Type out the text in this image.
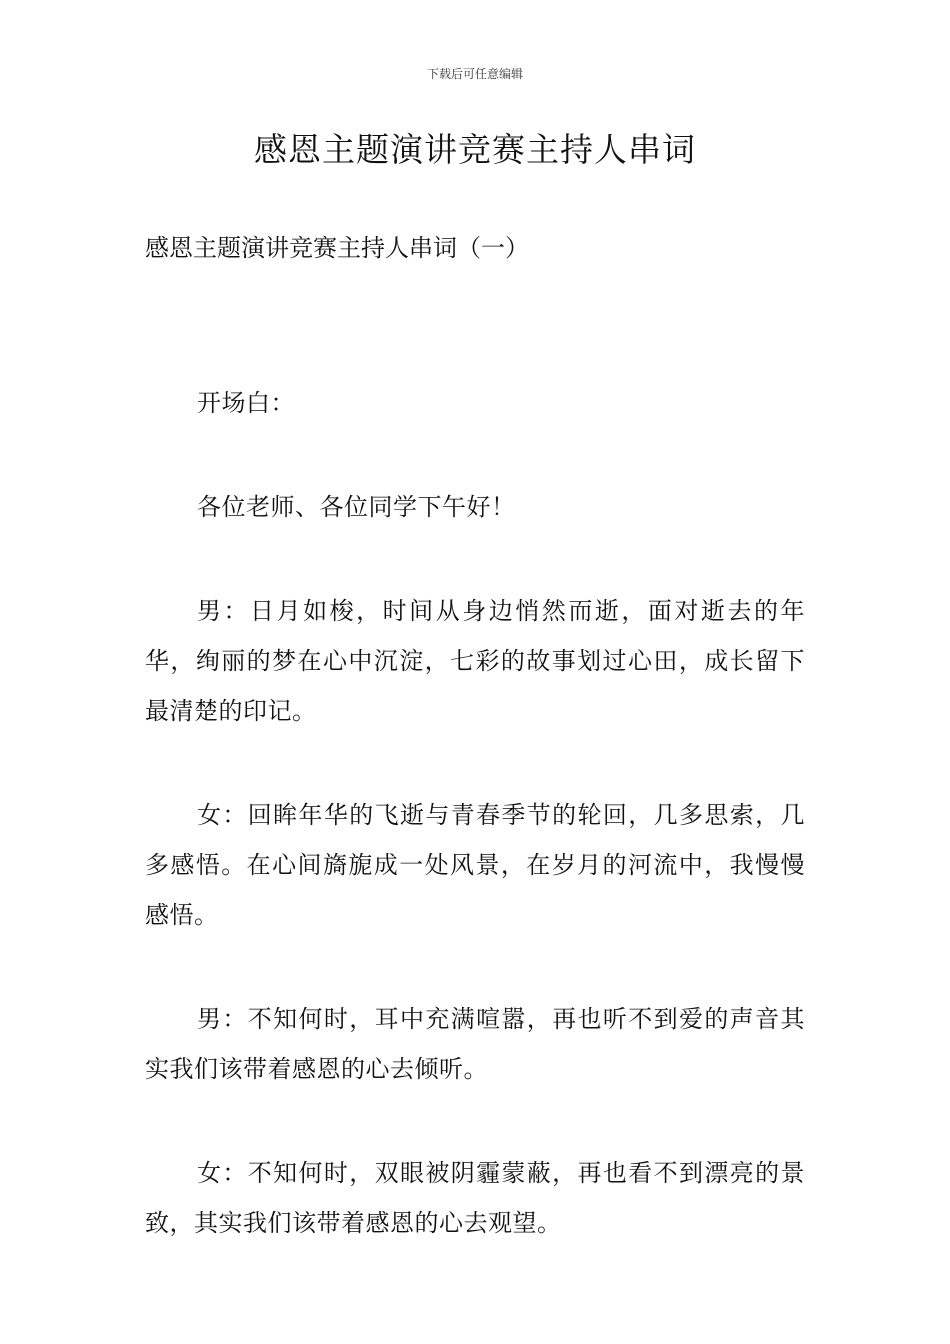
下载后可任意编辑
感恩主题演讲竞赛主持人串词

感恩主题演讲竞赛主持人串词（一）

开场白：

各位老师、各位同学下午好！

男：日月如梭，时间从身边悄然而逝，面对逝去的年华，绚丽的梦在心中沉淀，七彩的故事划过心田，成长留下最清楚的印记。

女：回眸年华的飞逝与青春季节的轮回，几多思索，几多感悟。在心间旖旎成一处风景，在岁月的河流中，我慢慢感悟。

男：不知何时，耳中充满喧嚣，再也听不到爱的声音其实我们该带着感恩的心去倾听。

女：不知何时，双眼被阴霾蒙蔽，再也看不到漂亮的景致，其实我们该带着感恩的心去观望。
